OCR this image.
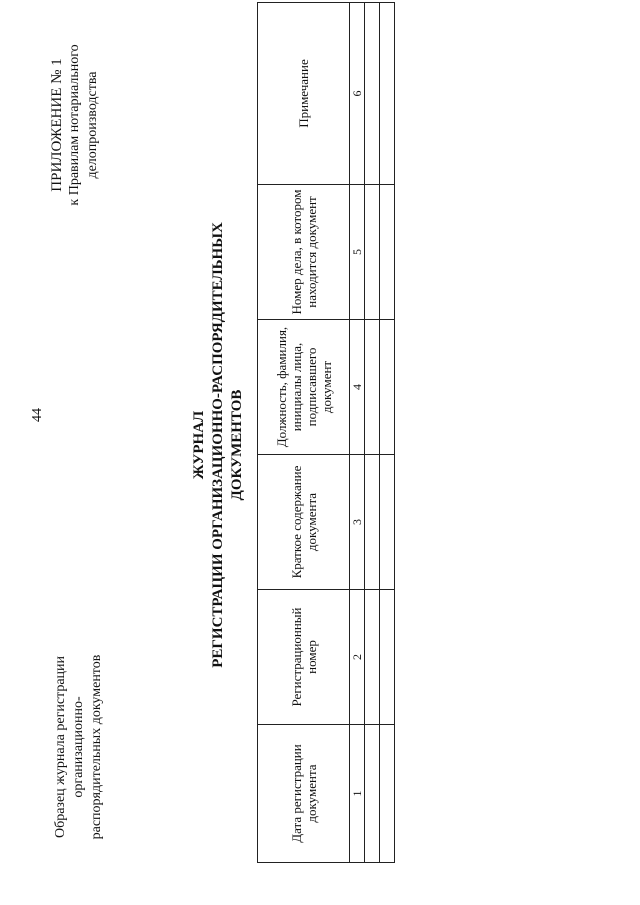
Образец журнала регистрации организационно- распорядительных документов
44
ПРИЛОЖЕНИЕ № 1 к Правилам нотариального делопроизводства
ЖУРНАЛ РЕГИСТРАЦИИ ОРГАНИЗАЦИОННО-РАСПОРЯДИТЕЛЬНЫХ ДОКУМЕНТОВ
Дата регистрации документа	Регистрационный номер	Краткое содержание документа	Должность, фамилия, инициалы лица, подписавшего документ	Номер дела, в котором находится документ	Примечание

1	2	3	4	5	6
